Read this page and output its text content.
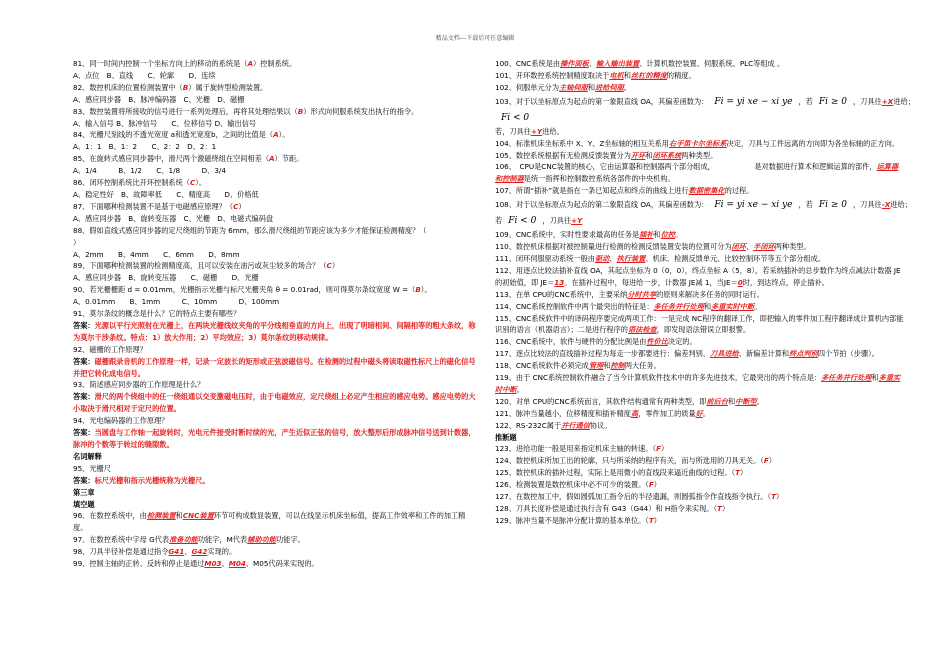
精品文档---下载后可任意编辑
81、同一时间内控制一个坐标方向上的移动的系统是（A）控制系统。
A、点位　B、直线　　C、轮廓　　D、连续
82、数控机床的位置检测装置中（B）属于旋转型检测装置。
A、感应同步器　B、脉冲编码器　C、光栅　D、磁栅
83、数控装置将所接收的信号进行一系列处理后，再将其处理结果以（B）形式向伺服系统发出执行的指令。
A、输入信号 B、脉冲信号　　C、位移信号 D、输出信号
84、光栅尺刻线的不透光宽度 a和透光宽度b，之间的比值是（A）。
A、1：1　B、1：2　　C、2：2　D、2：1
85、在旋转式感应同步器中，滑尺两个激磁绕组在空间相差（A）节距。
A、1/4　　　B、1/2　　C、1/8　　　D、3/4
86、闭环控制系统比开环控制系统（C）。
A、稳定性好　B、故障率低　　C、精度高　　D、价格低
87、下面哪种检测装置不是基于电磁感应原理？（C）
A、感应同步器　B、旋转变压器　C、光栅　D、电磁式编码盘
88、假如直线式感应同步器的定尺绕组的节距为 6mm，那么滑尺绕组的节距应该为多少才能保证检测精度？（
）
A、2mm　　B、4mm　　C、6mm　　D、8mm
89、下面哪种检测装置的检测精度高，且可以安装在油污或灰尘较多的场合？（C）
A、感应同步器　B、旋转变压器　　C、磁栅　　D、光栅
90、若光栅栅距 d = 0.01mm，光栅指示光栅与标尺光栅夹角 θ = 0.01rad，则可得莫尔条纹宽度 W =（B）。
A、0.01mm　　B、1mm　　　C、10mm　　　D、100mm
91、莫尔条纹的概念是什么？它的特点主要有哪些？
答案：光源以平行光照射在光栅上，在两块光栅线纹夹角的平分线相垂直的方向上，出现了明暗相间、间隔相等的粗大条纹，称为莫尔干涉条纹。特点：1）放大作用；2）平均效应；3）莫尔条纹的移动规律。
92、磁栅的工作原理？
答案：磁栅跟录音机的工作原理一样，记录一定波长的矩形或正弦波磁信号。在检测的过程中磁头将读取磁性标尺上的磁化信号并把它转化成电信号。
93、简述感应同步器的工作原理是什么？
答案：滑尺的两个绕组中的任一绕组通以交变激磁电压时，由于电磁效应，定尺绕组上必定产生相应的感应电势。感应电势的大小取决于滑尺相对于定尺的位置。
94、光电编码器的工作原理？
答案：当圆盘与工作轴一起旋转时，光电元件接受时断时续的光，产生近似正弦的信号，放大整形后形成脉冲信号送到计数器，脉冲的个数等于转过的缝隙数。
名词解释
95、光栅尺
答案：标尺光栅和指示光栅统称为光栅尺。
第三章
填空题
96、在数控系统中，由检测装置和CNC装置环节可构成数显装置，可以在线显示机床坐标值，提高工作效率和工件的加工精度。
97、在数控系统中字母 G代表准备功能功能字，M代表辅助功能功能字。
98、刀具半径补偿是通过指令G41、G42实现的。
99、控制主轴的正转、反转和停止是通过M03、M04、M05代码来实现的。
100、CNC系统是由操作面板、输入输出装置、计算机数控装置、伺服系统、PLC等组成 。
101、开环数控系统控制精度取决于电机和丝杠的精度的精度。
102、伺服单元分为主轴伺服和进给伺服。
103、对于以坐标原点为起点的第一象限直线 OA，其偏差函数为： Fi = yi xe − xi ye ，若 Fi ≥ 0 ，刀具往+X进给；
Fi < 0
若，刀具往+Y进给。
104、标准机床坐标系中 X、Y、Z坐标轴的相互关系用右手笛卡尔坐标系决定，刀具与工件远离的方向即为各坐标轴的正方向。
105、数控系统根据有无检测反馈装置分为开环和闭环系统两种类型。
106、　CPU是CNC装置的核心，它由运算器和控制器两个部分组成，　　　　　　是对数据进行算术和逻辑运算的部件，运算器和控制器是统一指挥和控制数控系统各部件的中央机构。
107、所谓“插补”就是指在一条已知起点和终点的曲线上进行数据密集化的过程。
108、对于以坐标原点为起点的第二象限直线 OA，其偏差函数为： Fi = yi xe − xi ye ，若 Fi ≥ 0 ，刀具往-X进给；
若 Fi < 0 ，刀具往+Y
109、CNC系统中，实时性要求最高的任务是插补和位控。
110、数控机床根据对被控制量进行检测的检测反馈装置安装的位置可分为闭环、半闭环两种类型。
111、闭环伺服驱动系统一般由驱动、执行装置、机床、检测反馈单元、比较控制环节等五个部分组成。
112、用逐点比较法插补直线 OA，其起点坐标为 0（0，0），终点坐标 A（5，8），若采纳插补的总步数作为终点减法计数器 JE的初始值，即 JE＝13。在插补过程中，每进给一步，计数器 JE减 1，当JE＝0时，到达终点，停止插补。
113、在单 CPU的CNC系统中，主要采纳分时共享的原则来解决多任务的同时运行。
114、CNC系统控制软件中两个最突出的特征是：多任务并行处理和多重实时中断。
115、CNC系统软件中的译码程序要完成两项工作：一是完成 NC程序的翻译工作，即把输入的零件加工程序翻译成计算机内部能识别的语言（机器语言）；二是进行程序的语法检查，即发现语法错误立即报警。
116、CNC系统中，软件与硬件的分配比例是由性价比决定的。
117、逐点比较法的直线插补过程为每走一步都要进行：偏差判别、刀具进给、新偏差计算和终点判别四个节拍（步骤）。
118、CNC系统软件必须完成管理和控制两大任务。
119、由于 CNC系统控制软件融合了当今计算机软件技术中的许多先进技术，它最突出的两个特点是：多任务并行处理和多重实时中断。
120、对单 CPU的CNC系统而言，其软件结构通常有两种类型，即前后台和中断型。
121、脉冲当量越小，位移精度和插补精度高，零件加工的质量好。
122、RS-232C属于并行通信协议。
推断题
123、进给功能一般是用来指定机床主轴的转速。（F）
124、数控机床所加工出的轮廓，只与所采纳的程序有关，而与所选用的刀具无关。（F）
125、数控机床的插补过程，实际上是用微小的直线段来逼近曲线的过程。（T）
126、检测装置是数控机床中必不可少的装置。（F）
127、在数控加工中，假如圆弧加工指令后的半径遗漏，则圆弧指令作直线指令执行。（T）
128、刀具长度补偿是通过执行含有 G43（G44）和 H指令来实现。（T）
129、脉冲当量不是脉冲分配计算的基本单位。（T）
